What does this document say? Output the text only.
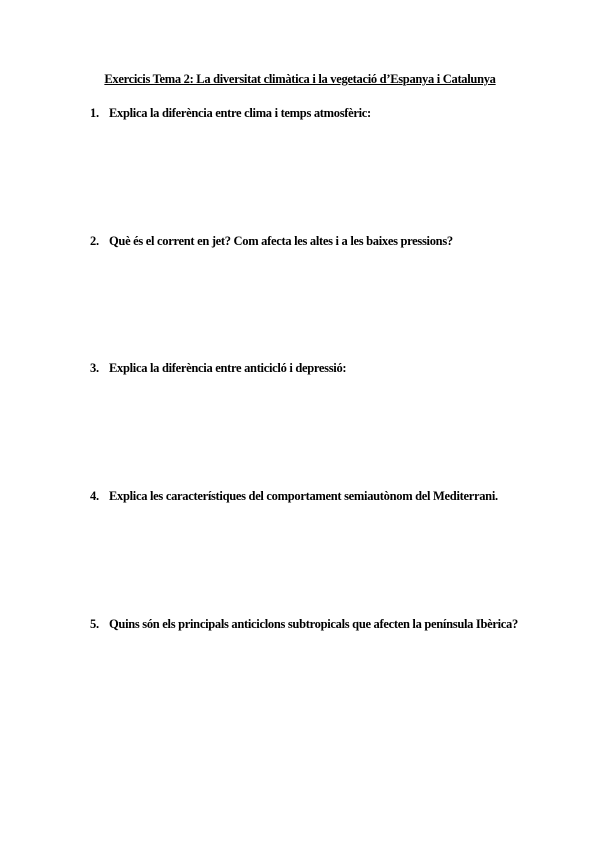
Exercicis Tema 2: La diversitat climàtica i la vegetació d’Espanya i Catalunya
1. Explica la diferència entre clima i temps atmosfèric:
2. Què és el corrent en jet? Com afecta les altes i a les baixes pressions?
3. Explica la diferència entre anticicló i depressió:
4. Explica les característiques del comportament semiautònom del Mediterrani.
5. Quins són els principals anticiclons subtropicals que afecten la península Ibèrica?
